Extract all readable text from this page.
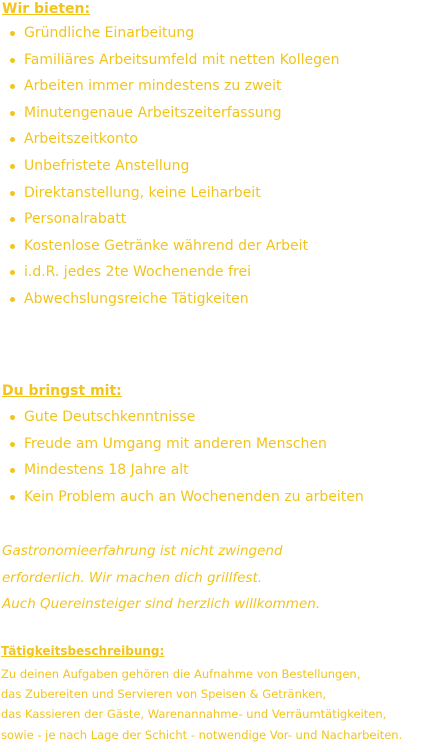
Wir bieten:
Gründliche Einarbeitung
Familiäres Arbeitsumfeld mit netten Kollegen
Arbeiten immer mindestens zu zweit
Minutengenaue Arbeitszeiterfassung
Arbeitszeitkonto
Unbefristete Anstellung
Direktanstellung, keine Leiharbeit
Personalrabatt
Kostenlose Getränke während der Arbeit
i.d.R. jedes 2te Wochenende frei
Abwechslungsreiche Tätigkeiten
Du bringst mit:
Gute Deutschkenntnisse
Freude am Umgang mit anderen Menschen
Mindestens 18 Jahre alt
Kein Problem auch an Wochenenden zu arbeiten

Gastronomieerfahrung ist nicht zwingend
erforderlich. Wir machen dich grillfest.
Auch Quereinsteiger sind herzlich willkommen.

Tätigkeitsbeschreibung:

Zu deinen Aufgaben gehören die Aufnahme von Bestellungen,
das Zubereiten und Servieren von Speisen & Getränken,
das Kassieren der Gäste, Warenannahme- und Verräumtätigkeiten,
sowie - je nach Lage der Schicht - notwendige Vor- und Nacharbeiten.
